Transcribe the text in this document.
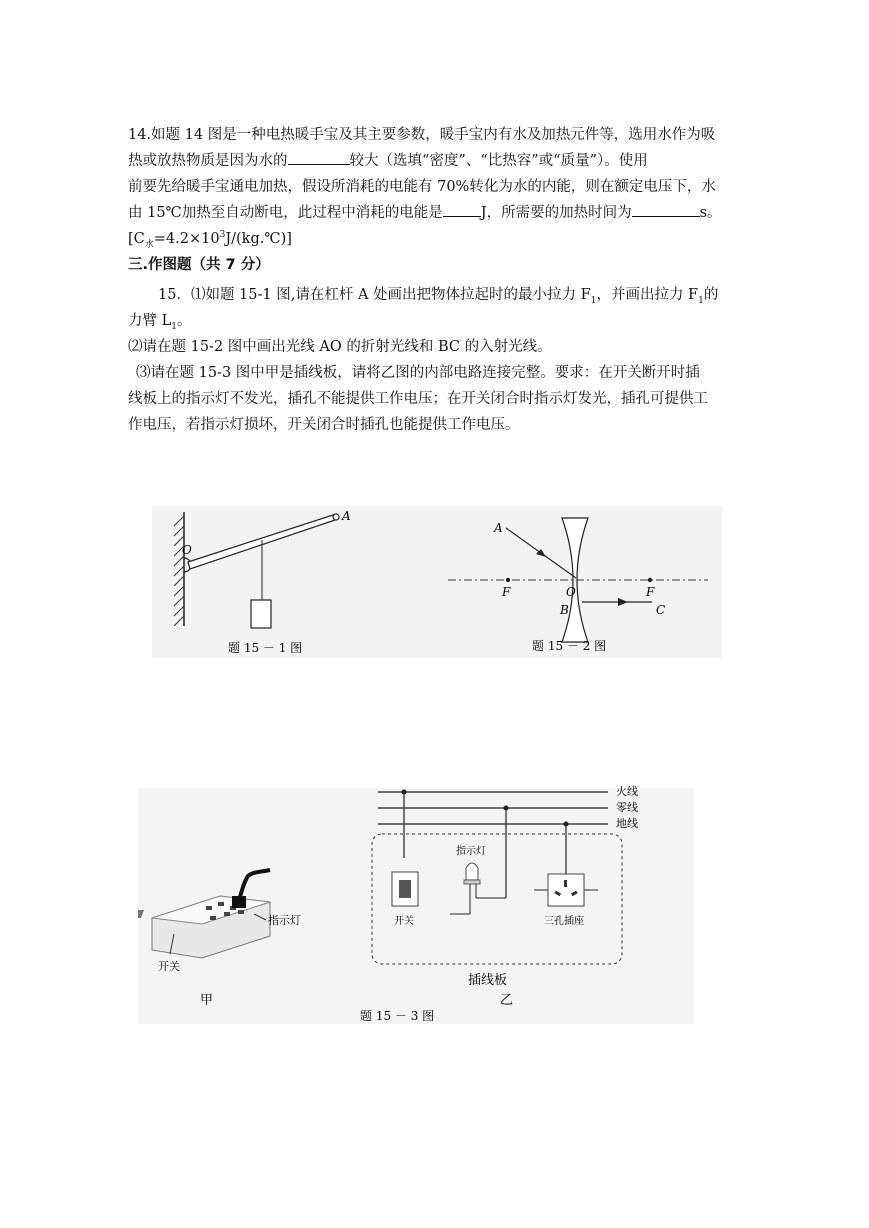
14.如题 14 图是一种电热暖手宝及其主要参数，暖手宝内有水及加热元件等，选用水作为吸
热或放热物质是因为水的	较大（选填“密度”、“比热容”或“质量”）。使用
前要先给暖手宝通电加热，假设所消耗的电能有 70%转化为水的内能，则在额定电压下，水
由 15℃加热至自动断电，此过程中消耗的电能是	J，所需要的加热时间为	s。
$[C_水=4.2\times 10^3J/(kg.℃)]$
三.作图题（共 7 分）
15．⑴如题 15-1 图,请在杠杆 A 处画出把物体拉起时的最小拉力 $F_1$，并画出拉力 $F_1$的
力臂 $L_1$。
⑵请在题 15-2 图中画出光线 AO 的折射光线和 BC 的入射光线。
⑶请在题 15-3 图中甲是插线板，请将乙图的内部电路连接完整。要求：在开关断开时插
线板上的指示灯不发光，插孔不能提供工作电压；在开关闭合时指示灯发光，插孔可提供工
作电压，若指示灯损坏，开关闭合时插孔也能提供工作电压。
A
O
题 15 － 1 图
A
F	O	F
B	C
题 15 － 2 图
指示灯
开关
甲
火线
零线
地线
开关
指示灯
三孔插座
插线板
乙
题 15 － 3 图
